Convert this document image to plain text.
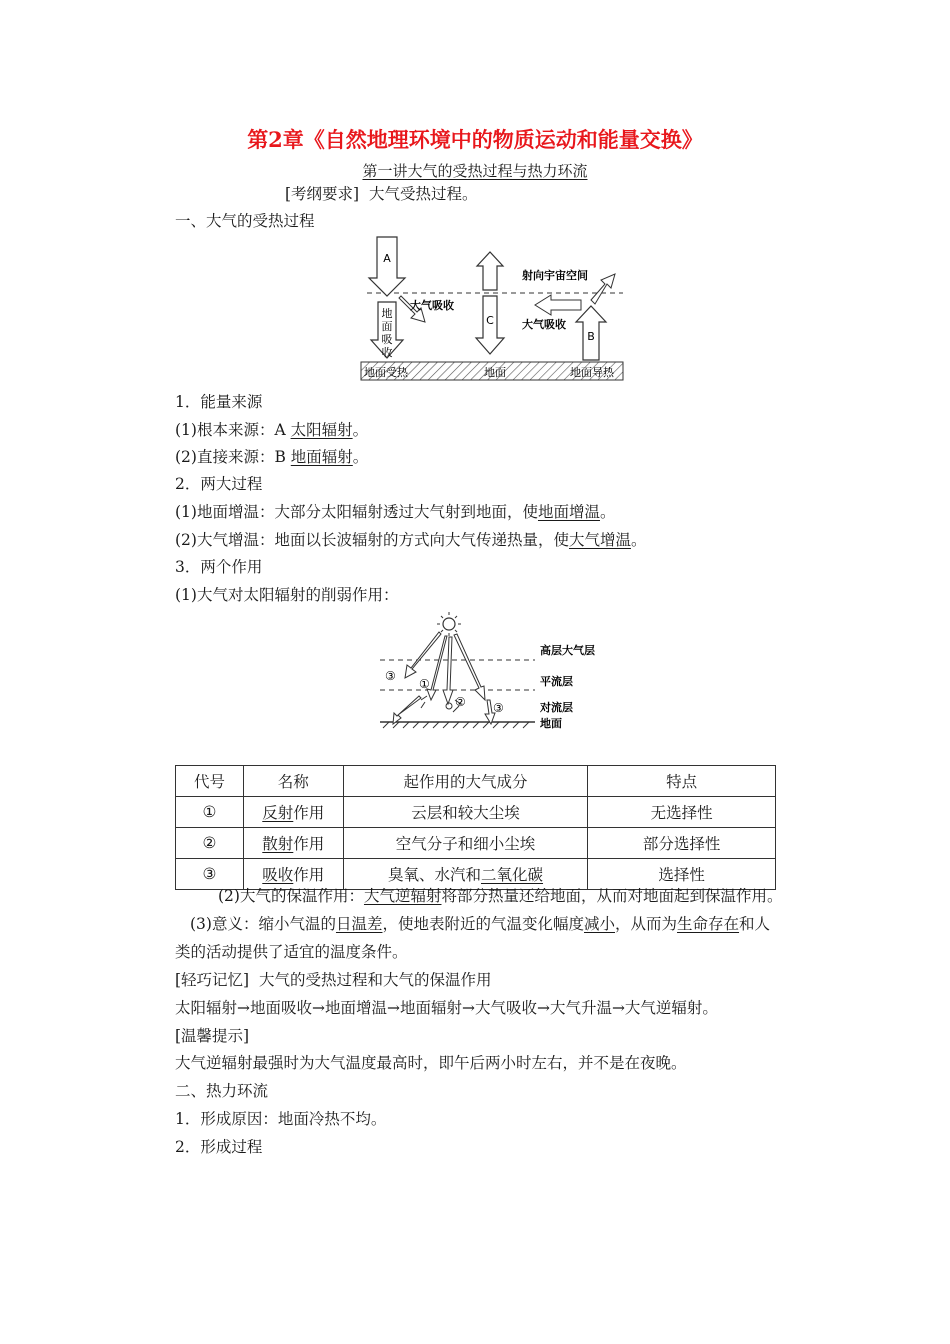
第2章《自然地理环境中的物质运动和能量交换》
第一讲大气的受热过程与热力环流
[考纲要求] 大气受热过程。
一、大气的受热过程
A
地
面
吸
收
大气吸收
C	大气吸收
B
射向宇宙空间
地面受热	地面	地面导热
1．能量来源
(1)根本来源：A 太阳辐射。
(2)直接来源：B 地面辐射。
2．两大过程
(1)地面增温：大部分太阳辐射透过大气射到地面，使地面增温。
(2)大气增温：地面以长波辐射的方式向大气传递热量，使大气增温。
3．两个作用
(1)大气对太阳辐射的削弱作用：
③
①
② ③
高层大气层
平流层
对流层
地面
代号	名称	起作用的大气成分	特点
①	反射作用	云层和较大尘埃	无选择性
②	散射作用	空气分子和细小尘埃	部分选择性
③	吸收作用	臭氧、水汽和二氧化碳	选择性
(2)大气的保温作用：大气逆辐射将部分热量还给地面，从而对地面起到保温作用。
(3)意义：缩小气温的日温差，使地表附近的气温变化幅度减小，从而为生命存在和人
类的活动提供了适宜的温度条件。
[轻巧记忆] 大气的受热过程和大气的保温作用
太阳辐射→地面吸收→地面增温→地面辐射→大气吸收→大气升温→大气逆辐射。
[温馨提示]
大气逆辐射最强时为大气温度最高时，即午后两小时左右，并不是在夜晚。
二、热力环流
1．形成原因：地面冷热不均。
2．形成过程
